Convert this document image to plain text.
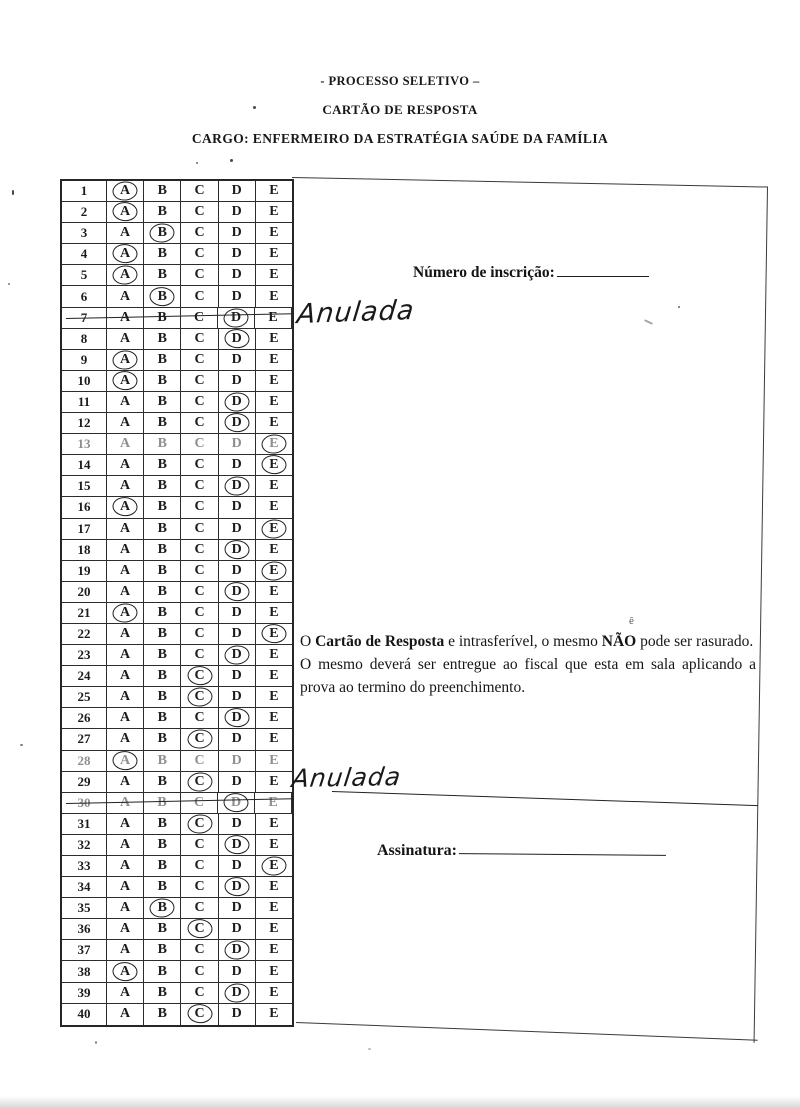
- PROCESSO SELETIVO –
CARTÃO DE RESPOSTA
CARGO: ENFERMEIRO DA ESTRATÉGIA SAÚDE DA FAMÍLIA
1	A B C D E
2	A B C D E
3	A B C D E
4	A B C D E
5	A B C D E
6	A B C D E
7	A B C D E
8	A B C D E
9	A B C D E
10	A B C D E
11	A B C D E
12	A B C D E
13	A B C D E
14	A B C D E
15	A B C D E
16	A B C D E
17	A B C D E
18	A B C D E
19	A B C D E
20	A B C D E
21	A B C D E
22	A B C D E
23	A B C D E
24	A B C D E
25	A B C D E
26	A B C D E
27	A B C D E
28	A B C D E
29	A B C D E
30	A B C D E
31	A B C D E
32	A B C D E
33	A B C D E
34	A B C D E
35	A B C D E
36	A B C D E
37	A B C D E
38	A B C D E
39	A B C D E
40	A B C D E
Número de inscrição:

O Cartão de Resposta e intrasferível, o mesmo NÃO pode ser rasurado.

O mesmo deverá ser entregue ao fiscal que esta em sala aplicando a prova ao termino do preenchimento.

Assinatura:
Anulada
Anulada
ê
